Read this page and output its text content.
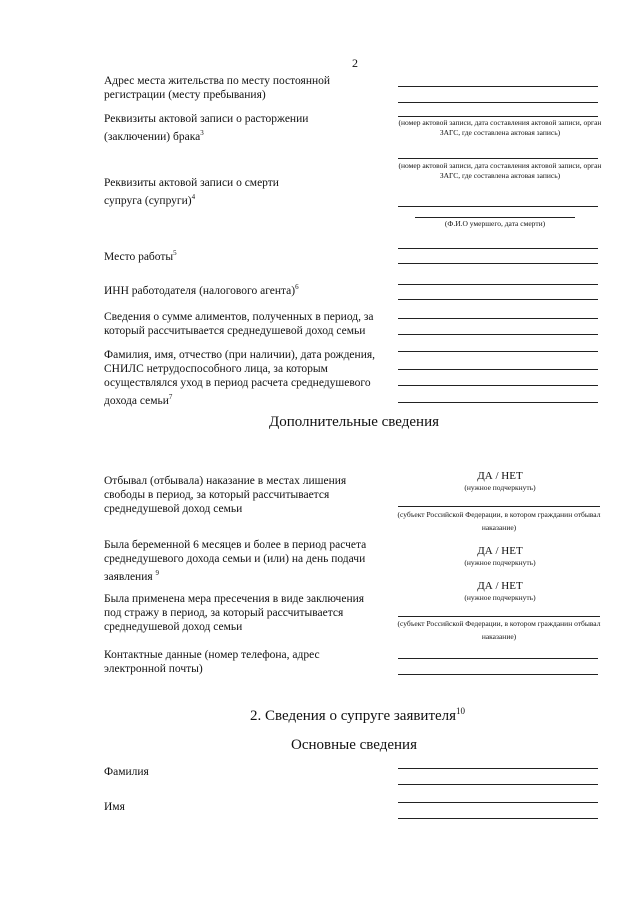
2
Адрес места жительства по месту постоянной регистрации (месту пребывания)
Реквизиты актовой записи о расторжении (заключении) брака$^3$
(номер актовой записи, дата составления актовой записи, орган ЗАГС, где составлена актовая запись)
(номер актовой записи, дата составления актовой записи, орган ЗАГС, где составлена актовая запись)
Реквизиты актовой записи о смерти супруга (супруги)$^4$
(Ф.И.О умершего, дата смерти)
Место работы$^5$
ИНН работодателя (налогового агента)$^6$
Сведения о сумме алиментов, полученных в период, за который рассчитывается среднедушевой доход семьи
Фамилия, имя, отчество (при наличии), дата рождения, СНИЛС нетрудоспособного лица, за которым осуществлялся уход в период расчета среднедушевого дохода семьи$^7$
Дополнительные сведения
Отбывал (отбывала) наказание в местах лишения свободы в период, за который рассчитывается среднедушевой доход семьи
ДА / НЕТ
(нужное подчеркнуть)
(субъект Российской Федерации, в котором гражданин отбывал наказание)
Была беременной 6 месяцев и более в период расчета среднедушевого дохода семьи и (или) на день подачи заявления $^9$
ДА / НЕТ
(нужное подчеркнуть)
Была применена мера пресечения в виде заключения под стражу в период, за который рассчитывается среднедушевой доход семьи
ДА / НЕТ
(нужное подчеркнуть)
(субъект Российской Федерации, в котором гражданин отбывал наказание)
Контактные данные (номер телефона, адрес электронной почты)
2. Сведения о супруге заявителя$^{10}$
Основные сведения
Фамилия
Имя
